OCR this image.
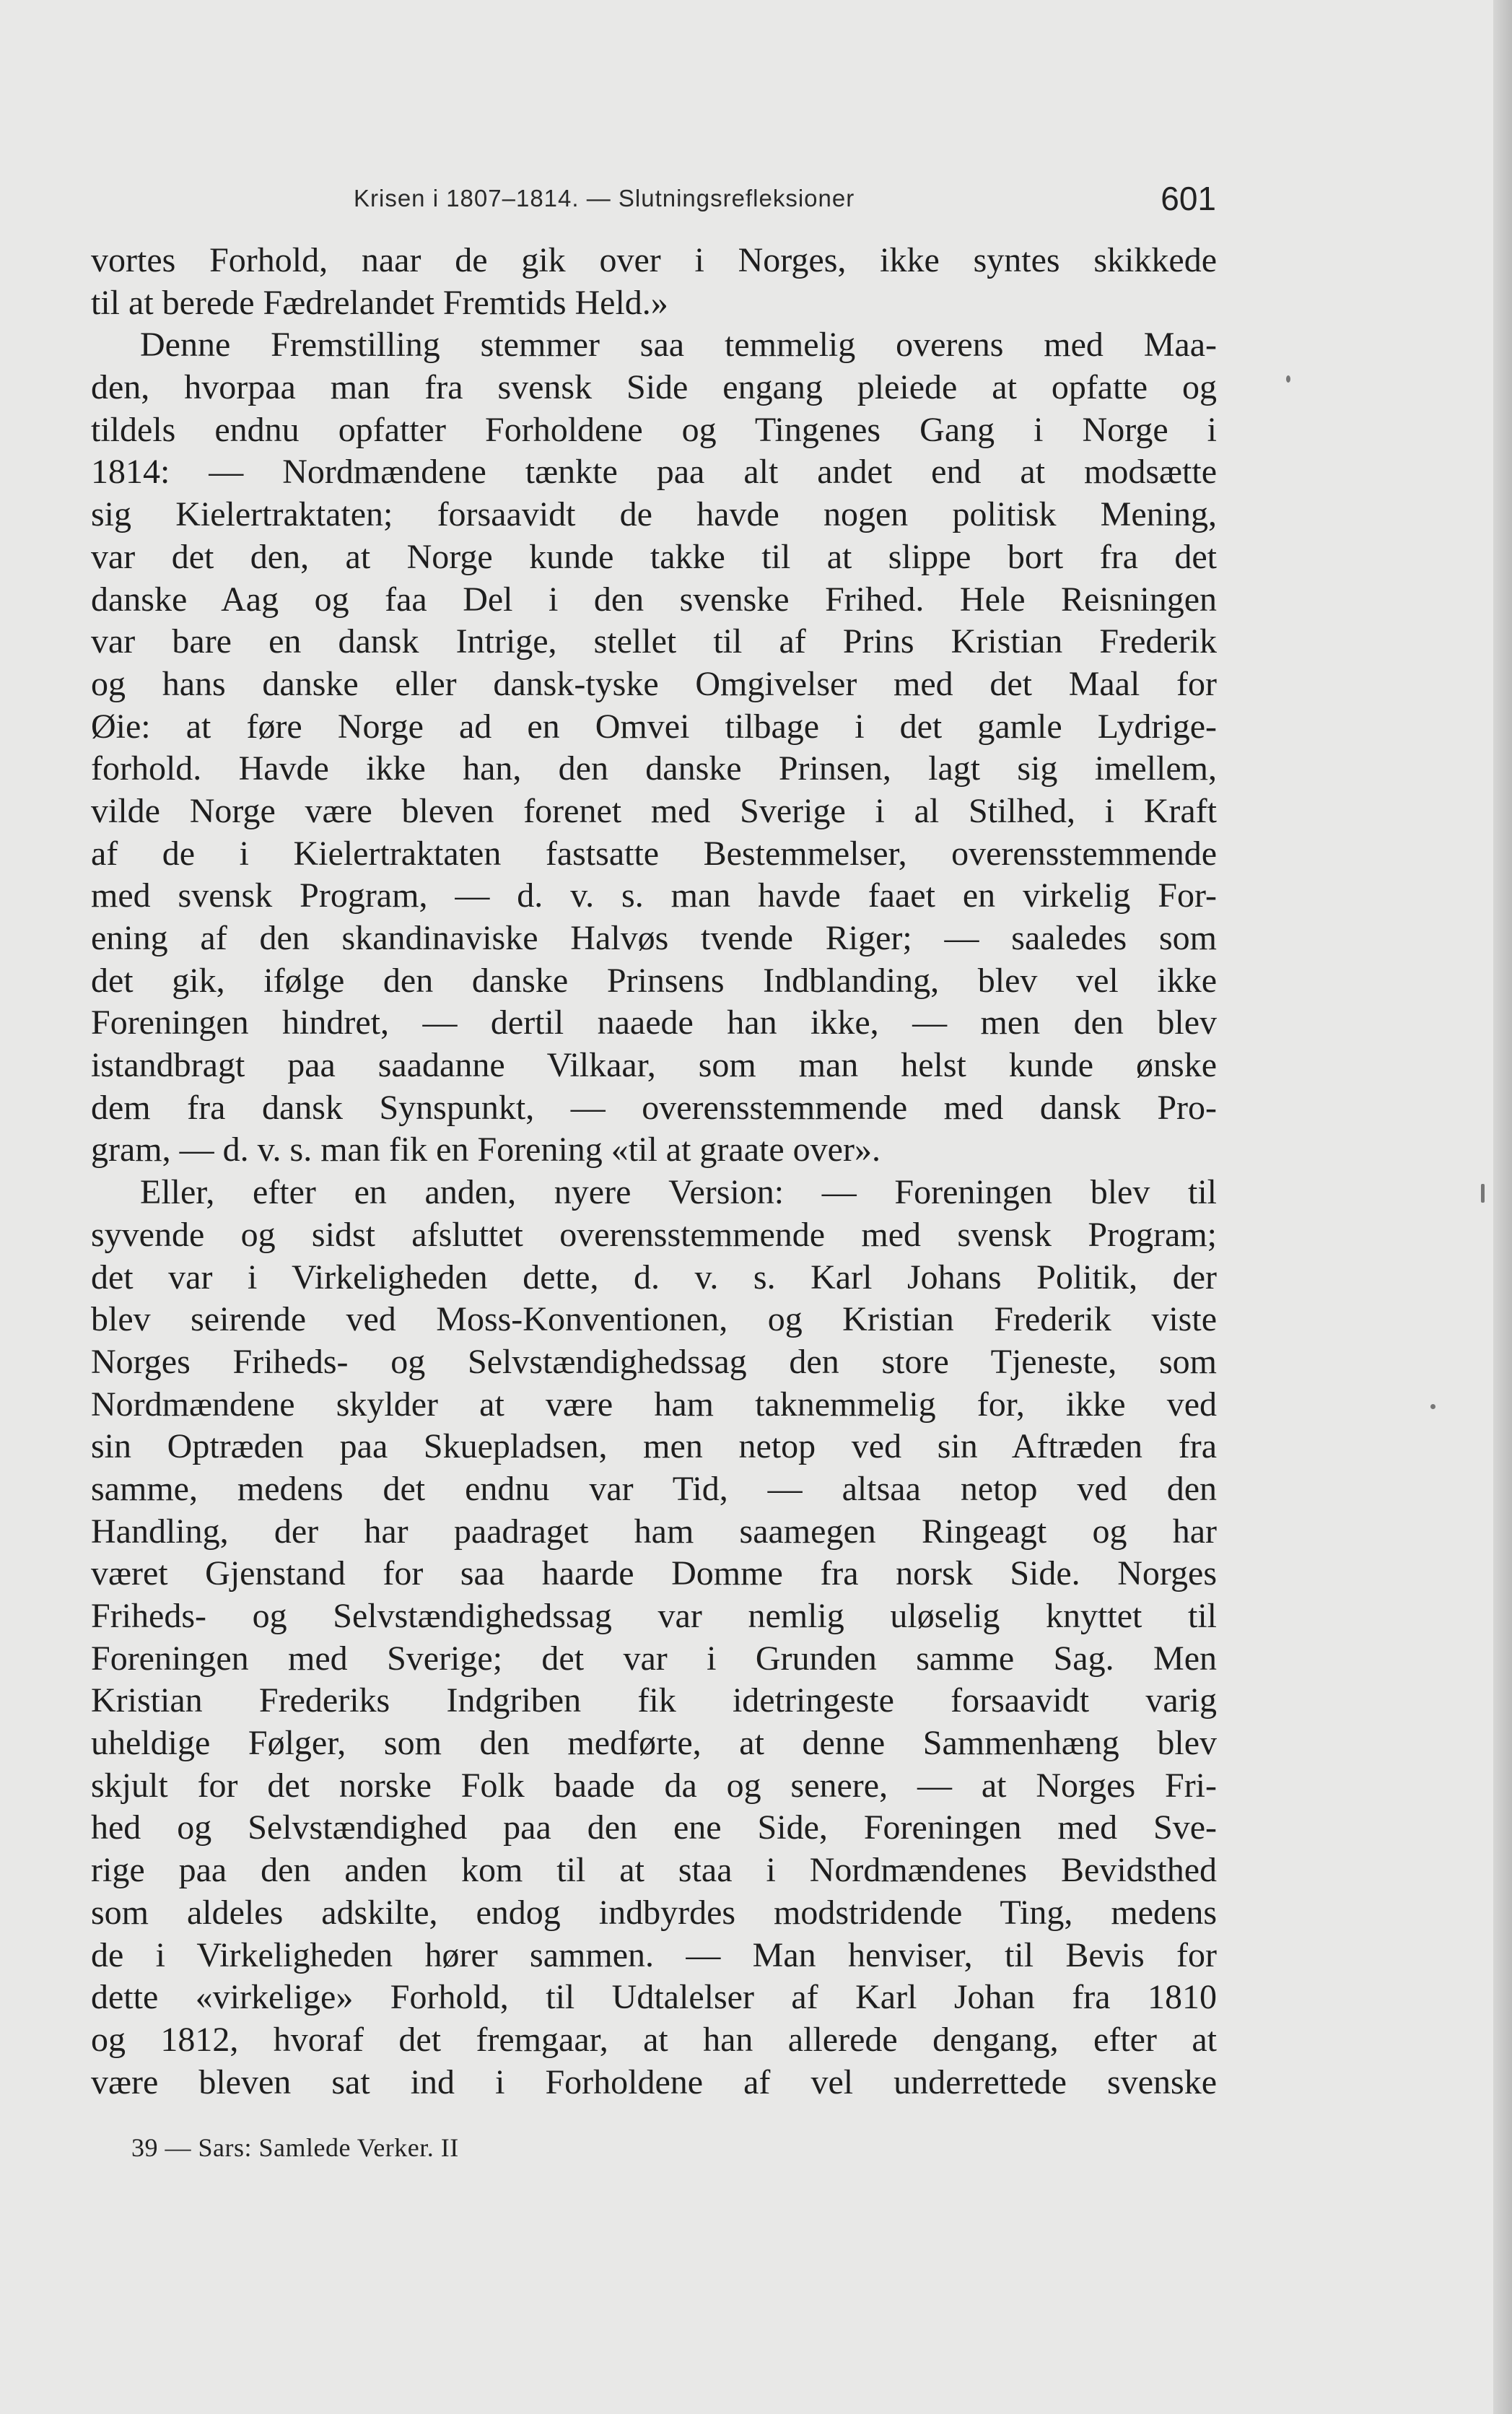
Krisen i 1807–1814. — Slutningsrefleksioner	601
vortes Forhold, naar de gik over i Norges, ikke syntes skikkede
til at berede Fædrelandet Fremtids Held.»
Denne Fremstilling stemmer saa temmelig overens med Maa-
den, hvorpaa man fra svensk Side engang pleiede at opfatte og
tildels endnu opfatter Forholdene og Tingenes Gang i Norge i
1814: — Nordmændene tænkte paa alt andet end at modsætte
sig Kielertraktaten; forsaavidt de havde nogen politisk Mening,
var det den, at Norge kunde takke til at slippe bort fra det
danske Aag og faa Del i den svenske Frihed. Hele Reisningen
var bare en dansk Intrige, stellet til af Prins Kristian Frederik
og hans danske eller dansk-tyske Omgivelser med det Maal for
Øie: at føre Norge ad en Omvei tilbage i det gamle Lydrige-
forhold. Havde ikke han, den danske Prinsen, lagt sig imellem,
vilde Norge være bleven forenet med Sverige i al Stilhed, i Kraft
af de i Kielertraktaten fastsatte Bestemmelser, overensstemmende
med svensk Program, — d. v. s. man havde faaet en virkelig For-
ening af den skandinaviske Halvøs tvende Riger; — saaledes som
det gik, ifølge den danske Prinsens Indblanding, blev vel ikke
Foreningen hindret, — dertil naaede han ikke, — men den blev
istandbragt paa saadanne Vilkaar, som man helst kunde ønske
dem fra dansk Synspunkt, — overensstemmende med dansk Pro-
gram, — d. v. s. man fik en Forening «til at graate over».
Eller, efter en anden, nyere Version: — Foreningen blev til
syvende og sidst afsluttet overensstemmende med svensk Program;
det var i Virkeligheden dette, d. v. s. Karl Johans Politik, der
blev seirende ved Moss-Konventionen, og Kristian Frederik viste
Norges Friheds- og Selvstændighedssag den store Tjeneste, som
Nordmændene skylder at være ham taknemmelig for, ikke ved
sin Optræden paa Skuepladsen, men netop ved sin Aftræden fra
samme, medens det endnu var Tid, — altsaa netop ved den
Handling, der har paadraget ham saamegen Ringeagt og har
været Gjenstand for saa haarde Domme fra norsk Side. Norges
Friheds- og Selvstændighedssag var nemlig uløselig knyttet til
Foreningen med Sverige; det var i Grunden samme Sag. Men
Kristian Frederiks Indgriben fik idetringeste forsaavidt varig
uheldige Følger, som den medførte, at denne Sammenhæng blev
skjult for det norske Folk baade da og senere, — at Norges Fri-
hed og Selvstændighed paa den ene Side, Foreningen med Sve-
rige paa den anden kom til at staa i Nordmændenes Bevidsthed
som aldeles adskilte, endog indbyrdes modstridende Ting, medens
de i Virkeligheden hører sammen. — Man henviser, til Bevis for
dette «virkelige» Forhold, til Udtalelser af Karl Johan fra 1810
og 1812, hvoraf det fremgaar, at han allerede dengang, efter at
være bleven sat ind i Forholdene af vel underrettede svenske
39 — Sars: Samlede Verker. II
